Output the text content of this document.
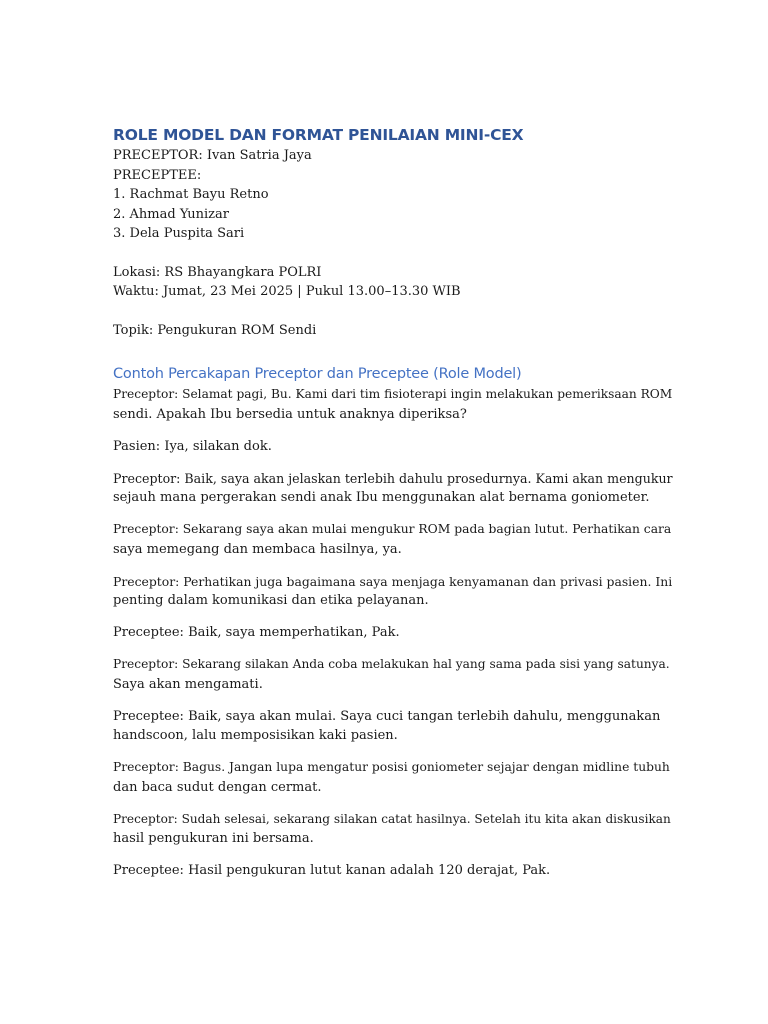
ROLE MODEL DAN FORMAT PENILAIAN MINI-CEX
PRECEPTOR: Ivan Satria Jaya
PRECEPTEE:
1. Rachmat Bayu Retno
2. Ahmad Yunizar
3. Dela Puspita Sari
Lokasi: RS Bhayangkara POLRI
Waktu: Jumat, 23 Mei 2025 | Pukul 13.00–13.30 WIB
Topik: Pengukuran ROM Sendi
Contoh Percakapan Preceptor dan Preceptee (Role Model)
Preceptor: Selamat pagi, Bu. Kami dari tim fisioterapi ingin melakukan pemeriksaan ROM
sendi. Apakah Ibu bersedia untuk anaknya diperiksa?
Pasien: Iya, silakan dok.
Preceptor: Baik, saya akan jelaskan terlebih dahulu prosedurnya. Kami akan mengukur
sejauh mana pergerakan sendi anak Ibu menggunakan alat bernama goniometer.
Preceptor: Sekarang saya akan mulai mengukur ROM pada bagian lutut. Perhatikan cara
saya memegang dan membaca hasilnya, ya.
Preceptor: Perhatikan juga bagaimana saya menjaga kenyamanan dan privasi pasien. Ini
penting dalam komunikasi dan etika pelayanan.
Preceptee: Baik, saya memperhatikan, Pak.
Preceptor: Sekarang silakan Anda coba melakukan hal yang sama pada sisi yang satunya.
Saya akan mengamati.
Preceptee: Baik, saya akan mulai. Saya cuci tangan terlebih dahulu, menggunakan
handscoon, lalu memposisikan kaki pasien.
Preceptor: Bagus. Jangan lupa mengatur posisi goniometer sejajar dengan midline tubuh
dan baca sudut dengan cermat.
Preceptor: Sudah selesai, sekarang silakan catat hasilnya. Setelah itu kita akan diskusikan
hasil pengukuran ini bersama.
Preceptee: Hasil pengukuran lutut kanan adalah 120 derajat, Pak.
